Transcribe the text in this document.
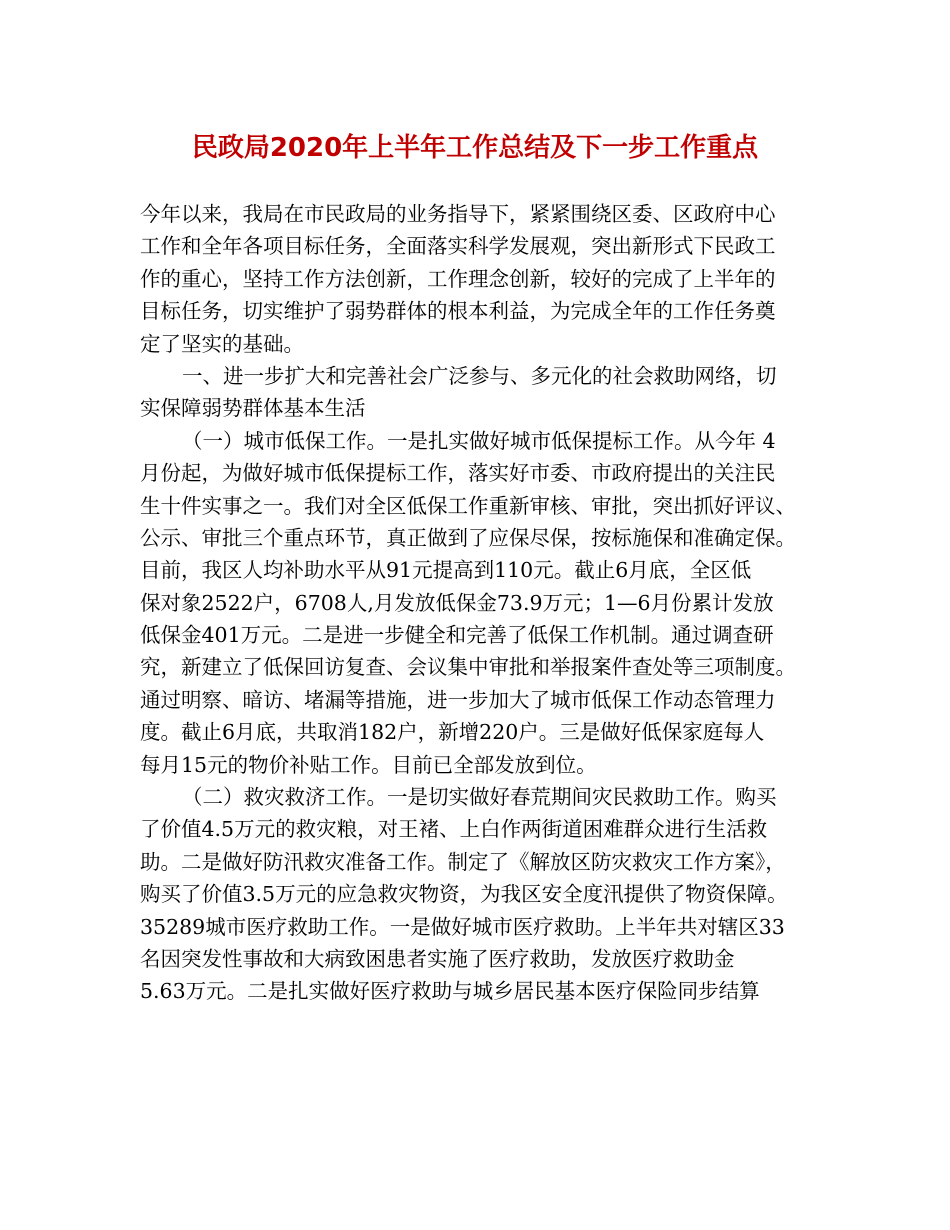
民政局2020年上半年工作总结及下一步工作重点
今年以来，我局在市民政局的业务指导下，紧紧围绕区委、区政府中心
工作和全年各项目标任务，全面落实科学发展观，突出新形式下民政工
作的重心，坚持工作方法创新，工作理念创新，较好的完成了上半年的
目标任务，切实维护了弱势群体的根本利益，为完成全年的工作任务奠
定了坚实的基础。
一、进一步扩大和完善社会广泛参与、多元化的社会救助网络，切
实保障弱势群体基本生活
（一）城市低保工作。一是扎实做好城市低保提标工作。从今年 4
月份起，为做好城市低保提标工作，落实好市委、市政府提出的关注民
生十件实事之一。我们对全区低保工作重新审核、审批，突出抓好评议、
公示、审批三个重点环节，真正做到了应保尽保，按标施保和准确定保。
目前，我区人均补助水平从91元提高到110元。截止6月底，全区低
保对象2522户，6708人,月发放低保金73.9万元；1—6月份累计发放
低保金401万元。二是进一步健全和完善了低保工作机制。通过调查研
究，新建立了低保回访复查、会议集中审批和举报案件查处等三项制度。
通过明察、暗访、堵漏等措施，进一步加大了城市低保工作动态管理力
度。截止6月底，共取消182户，新增220户。三是做好低保家庭每人
每月15元的物价补贴工作。目前已全部发放到位。
（二）救灾救济工作。一是切实做好春荒期间灾民救助工作。购买
了价值4.5万元的救灾粮，对王褚、上白作两街道困难群众进行生活救
助。二是做好防汛救灾准备工作。制定了《解放区防灾救灾工作方案》，
购买了价值3.5万元的应急救灾物资，为我区安全度汛提供了物资保障。
35289城市医疗救助工作。一是做好城市医疗救助。上半年共对辖区33
名因突发性事故和大病致困患者实施了医疗救助，发放医疗救助金
5.63万元。二是扎实做好医疗救助与城乡居民基本医疗保险同步结算
